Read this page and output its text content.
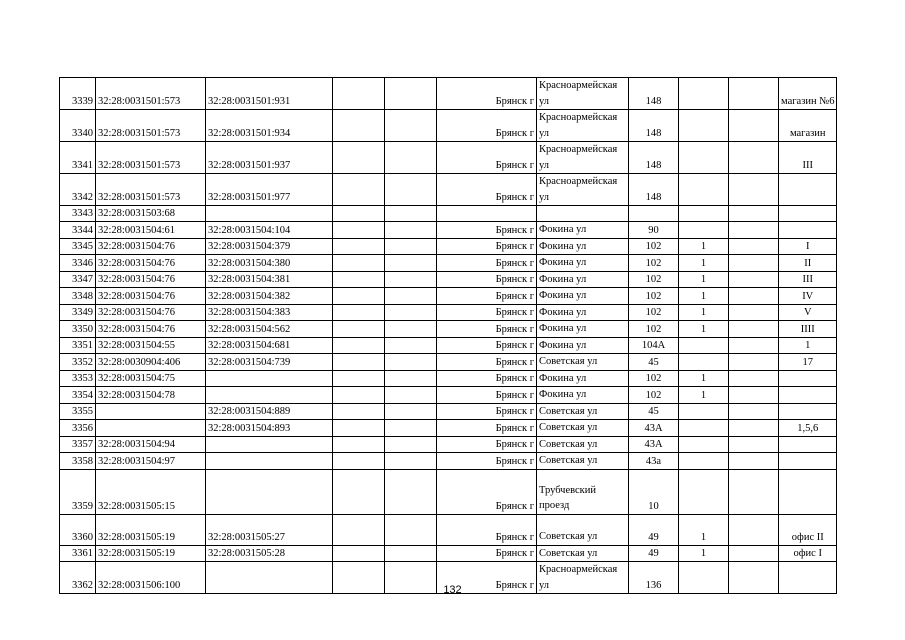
3339	32:28:0031501:573	32:28:0031501:931			Брянск г	Красноармейская ул	148			магазин №6
3340	32:28:0031501:573	32:28:0031501:934			Брянск г	Красноармейская ул	148			магазин
3341	32:28:0031501:573	32:28:0031501:937			Брянск г	Красноармейская ул	148			III
3342	32:28:0031501:573	32:28:0031501:977			Брянск г	Красноармейская ул	148			
3343	32:28:0031503:68									
3344	32:28:0031504:61	32:28:0031504:104			Брянск г	Фокина ул	90			
3345	32:28:0031504:76	32:28:0031504:379			Брянск г	Фокина ул	102	1		I
3346	32:28:0031504:76	32:28:0031504:380			Брянск г	Фокина ул	102	1		II
3347	32:28:0031504:76	32:28:0031504:381			Брянск г	Фокина ул	102	1		III
3348	32:28:0031504:76	32:28:0031504:382			Брянск г	Фокина ул	102	1		IV
3349	32:28:0031504:76	32:28:0031504:383			Брянск г	Фокина ул	102	1		V
3350	32:28:0031504:76	32:28:0031504:562			Брянск г	Фокина ул	102	1		IIII
3351	32:28:0031504:55	32:28:0031504:681			Брянск г	Фокина ул	104А			1
3352	32:28:0030904:406	32:28:0031504:739			Брянск г	Советская ул	45			17
3353	32:28:0031504:75				Брянск г	Фокина ул	102	1		
3354	32:28:0031504:78				Брянск г	Фокина ул	102	1		
3355		32:28:0031504:889			Брянск г	Советская ул	45			
3356		32:28:0031504:893			Брянск г	Советская ул	43А			1,5,6
3357	32:28:0031504:94				Брянск г	Советская ул	43А			
3358	32:28:0031504:97				Брянск г	Советская ул	43а			
3359	32:28:0031505:15				Брянск г	Трубчевский проезд	10			
3360	32:28:0031505:19	32:28:0031505:27			Брянск г	Советская ул	49	1		офис II
3361	32:28:0031505:19	32:28:0031505:28			Брянск г	Советская ул	49	1		офис I
3362	32:28:0031506:100				Брянск г	Красноармейская ул	136			
132
